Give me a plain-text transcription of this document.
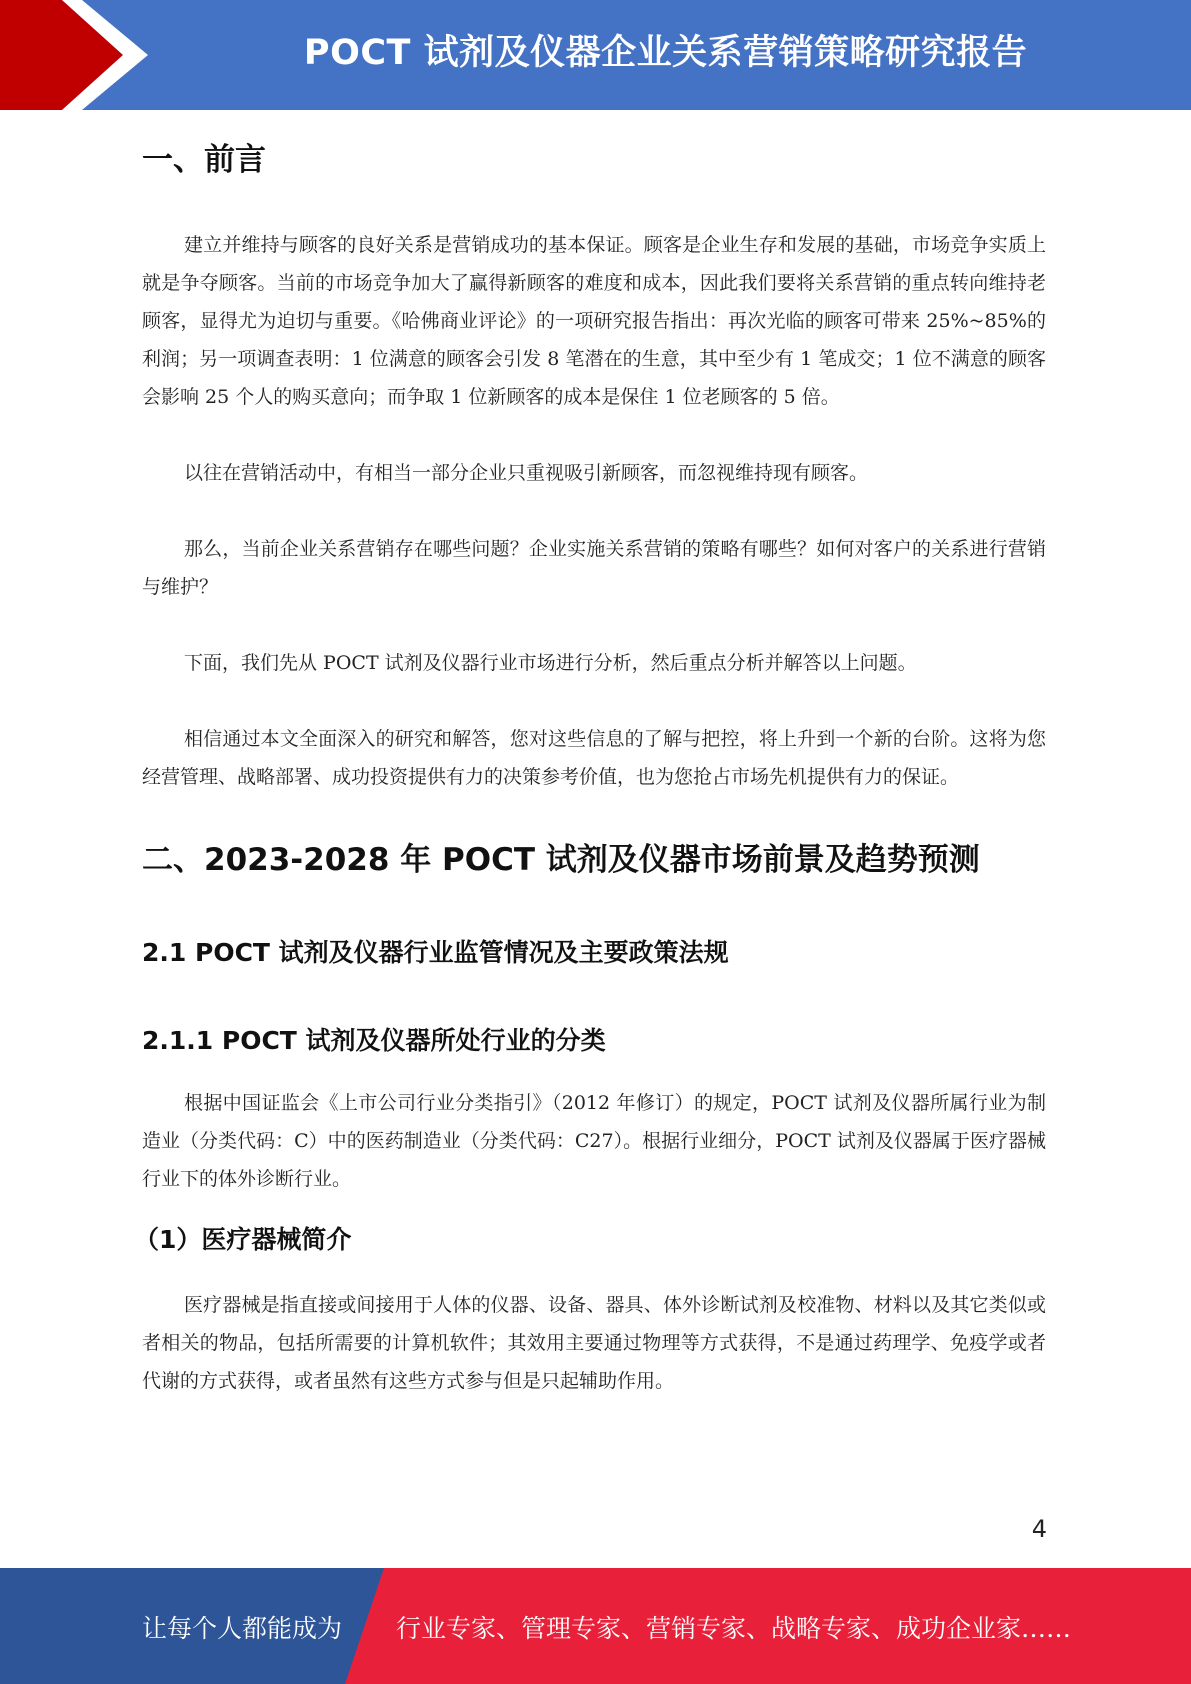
POCT 试剂及仪器企业关系营销策略研究报告
一、前言

建立并维持与顾客的良好关系是营销成功的基本保证。顾客是企业生存和发展的基础，市场竞争实质上就是争夺顾客。当前的市场竞争加大了赢得新顾客的难度和成本，因此我们要将关系营销的重点转向维持老顾客，显得尤为迫切与重要。《哈佛商业评论》的一项研究报告指出：再次光临的顾客可带来 25%~85%的利润；另一项调查表明：1 位满意的顾客会引发 8 笔潜在的生意，其中至少有 1 笔成交；1 位不满意的顾客会影响 25 个人的购买意向；而争取 1 位新顾客的成本是保住 1 位老顾客的 5 倍。

以往在营销活动中，有相当一部分企业只重视吸引新顾客，而忽视维持现有顾客。

那么，当前企业关系营销存在哪些问题？企业实施关系营销的策略有哪些？如何对客户的关系进行营销与维护？

下面，我们先从 POCT 试剂及仪器行业市场进行分析，然后重点分析并解答以上问题。

相信通过本文全面深入的研究和解答，您对这些信息的了解与把控，将上升到一个新的台阶。这将为您经营管理、战略部署、成功投资提供有力的决策参考价值，也为您抢占市场先机提供有力的保证。

二、2023-2028 年 POCT 试剂及仪器市场前景及趋势预测
2.1 POCT 试剂及仪器行业监管情况及主要政策法规
2.1.1 POCT 试剂及仪器所处行业的分类

根据中国证监会《上市公司行业分类指引》（2012 年修订）的规定，POCT 试剂及仪器所属行业为制造业（分类代码：C）中的医药制造业（分类代码：C27）。根据行业细分，POCT 试剂及仪器属于医疗器械行业下的体外诊断行业。

（1）医疗器械简介

医疗器械是指直接或间接用于人体的仪器、设备、器具、体外诊断试剂及校准物、材料以及其它类似或者相关的物品，包括所需要的计算机软件；其效用主要通过物理等方式获得，不是通过药理学、免疫学或者代谢的方式获得，或者虽然有这些方式参与但是只起辅助作用。

4
让每个人都能成为 行业专家、管理专家、营销专家、战略专家、成功企业家……
